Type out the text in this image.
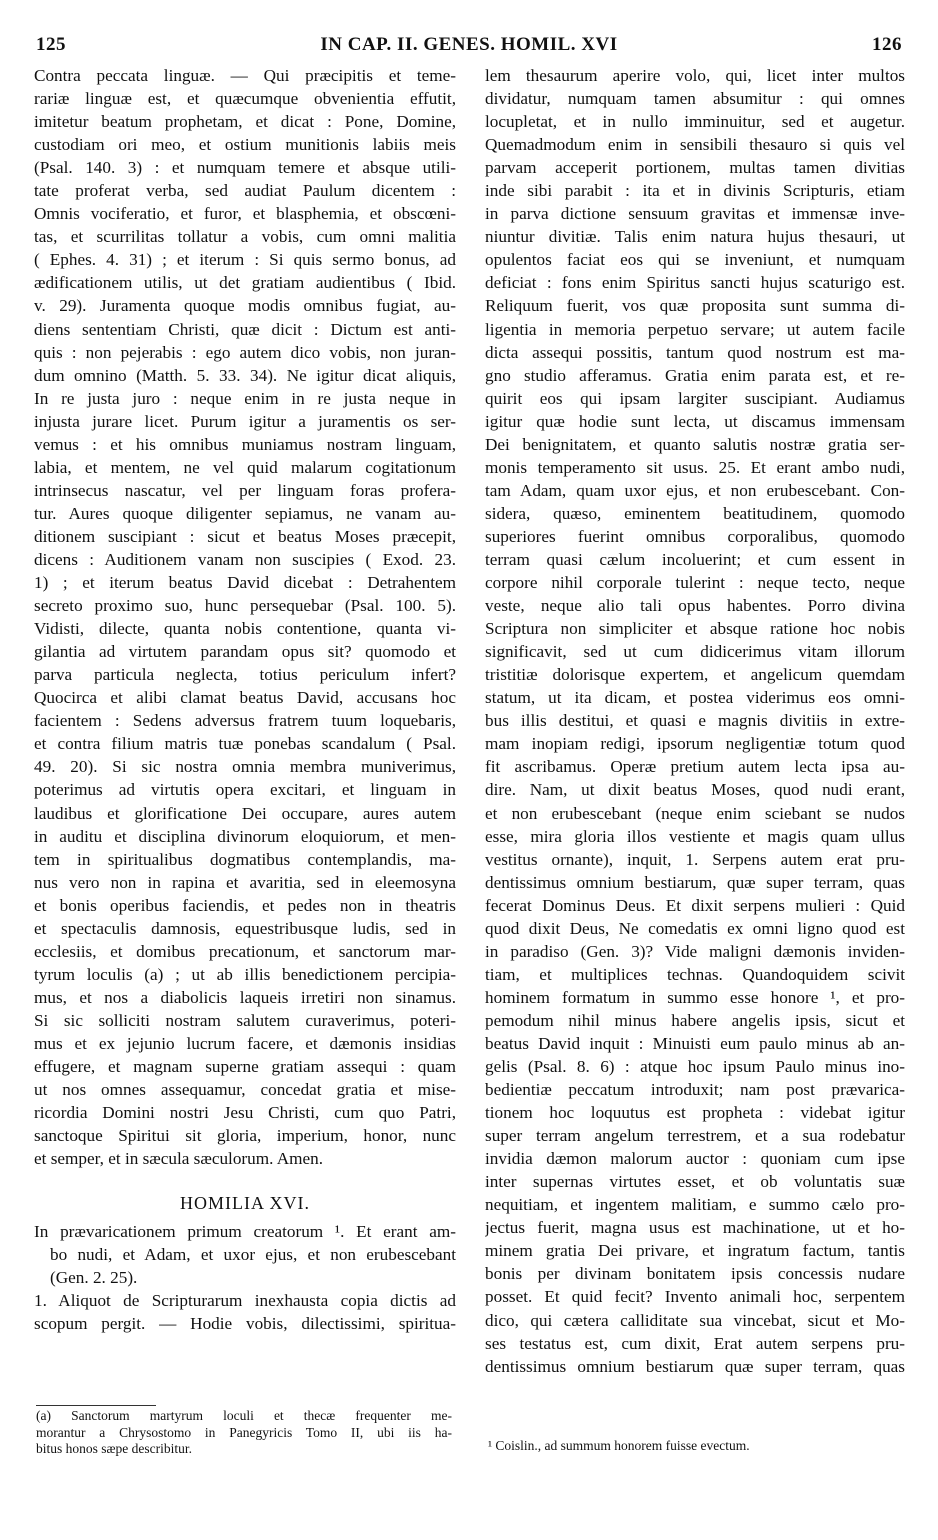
125	IN CAP. II. GENES. HOMIL. XVI	126
Contra peccata linguæ. — Qui præcipitis et teme-
rariæ linguæ est, et quæcumque obvenientia effutit,
imitetur beatum prophetam, et dicat : Pone, Domine,
custodiam ori meo, et ostium munitionis labiis meis
(Psal. 140. 3) : et numquam temere et absque utili-
tate proferat verba, sed audiat Paulum dicentem :
Omnis vociferatio, et furor, et blasphemia, et obscœni-
tas, et scurrilitas tollatur a vobis, cum omni malitia
( Ephes. 4. 31) ; et iterum : Si quis sermo bonus, ad
ædificationem utilis, ut det gratiam audientibus ( Ibid.
v. 29). Juramenta quoque modis omnibus fugiat, au-
diens sententiam Christi, quæ dicit : Dictum est anti-
quis : non pejerabis : ego autem dico vobis, non juran-
dum omnino (Matth. 5. 33. 34). Ne igitur dicat aliquis,
In re justa juro : neque enim in re justa neque in
injusta jurare licet. Purum igitur a juramentis os ser-
vemus : et his omnibus muniamus nostram linguam,
labia, et mentem, ne vel quid malarum cogitationum
intrinsecus nascatur, vel per linguam foras profera-
tur. Aures quoque diligenter sepiamus, ne vanam au-
ditionem suscipiant : sicut et beatus Moses præcepit,
dicens : Auditionem vanam non suscipies ( Exod. 23.
1) ; et iterum beatus David dicebat : Detrahentem
secreto proximo suo, hunc persequebar (Psal. 100. 5).
Vidisti, dilecte, quanta nobis contentione, quanta vi-
gilantia ad virtutem parandam opus sit? quomodo et
parva particula neglecta, totius periculum infert?
Quocirca et alibi clamat beatus David, accusans hoc
facientem : Sedens adversus fratrem tuum loquebaris,
et contra filium matris tuæ ponebas scandalum ( Psal.
49. 20). Si sic nostra omnia membra muniverimus,
poterimus ad virtutis opera excitari, et linguam in
laudibus et glorificatione Dei occupare, aures autem
in auditu et disciplina divinorum eloquiorum, et men-
tem in spiritualibus dogmatibus contemplandis, ma-
nus vero non in rapina et avaritia, sed in eleemosyna
et bonis operibus faciendis, et pedes non in theatris
et spectaculis damnosis, equestribusque ludis, sed in
ecclesiis, et domibus precationum, et sanctorum mar-
tyrum loculis (a) ; ut ab illis benedictionem percipia-
mus, et nos a diabolicis laqueis irretiri non sinamus.
Si sic solliciti nostram salutem curaverimus, poteri-
mus et ex jejunio lucrum facere, et dæmonis insidias
effugere, et magnam superne gratiam assequi : quam
ut nos omnes assequamur, concedat gratia et mise-
ricordia Domini nostri Jesu Christi, cum quo Patri,
sanctoque Spiritui sit gloria, imperium, honor, nunc
et semper, et in sæcula sæculorum. Amen.
HOMILIA XVI.
In prævaricationem primum creatorum ¹. Et erant am-
bo nudi, et Adam, et uxor ejus, et non erubescebant
(Gen. 2. 25).
1. Aliquot de Scripturarum inexhausta copia dictis ad
scopum pergit. — Hodie vobis, dilectissimi, spiritua-
lem thesaurum aperire volo, qui, licet inter multos
dividatur, numquam tamen absumitur : qui omnes
locupletat, et in nullo imminuitur, sed et augetur.
Quemadmodum enim in sensibili thesauro si quis vel
parvam acceperit portionem, multas tamen divitias
inde sibi parabit : ita et in divinis Scripturis, etiam
in parva dictione sensuum gravitas et immensæ inve-
niuntur divitiæ. Talis enim natura hujus thesauri, ut
opulentos faciat eos qui se inveniunt, et numquam
deficiat : fons enim Spiritus sancti hujus scaturigo est.
Reliquum fuerit, vos quæ proposita sunt summa di-
ligentia in memoria perpetuo servare; ut autem facile
dicta assequi possitis, tantum quod nostrum est ma-
gno studio afferamus. Gratia enim parata est, et re-
quirit eos qui ipsam largiter suscipiant. Audiamus
igitur quæ hodie sunt lecta, ut discamus immensam
Dei benignitatem, et quanto salutis nostræ gratia ser-
monis temperamento sit usus. 25. Et erant ambo nudi,
tam Adam, quam uxor ejus, et non erubescebant. Con-
sidera, quæso, eminentem beatitudinem, quomodo
superiores fuerint omnibus corporalibus, quomodo
terram quasi cælum incoluerint; et cum essent in
corpore nihil corporale tulerint : neque tecto, neque
veste, neque alio tali opus habentes. Porro divina
Scriptura non simpliciter et absque ratione hoc nobis
significavit, sed ut cum didicerimus vitam illorum
tristitiæ dolorisque expertem, et angelicum quemdam
statum, ut ita dicam, et postea viderimus eos omni-
bus illis destitui, et quasi e magnis divitiis in extre-
mam inopiam redigi, ipsorum negligentiæ totum quod
fit ascribamus. Operæ pretium autem lecta ipsa au-
dire. Nam, ut dixit beatus Moses, quod nudi erant,
et non erubescebant (neque enim sciebant se nudos
esse, mira gloria illos vestiente et magis quam ullus
vestitus ornante), inquit, 1. Serpens autem erat pru-
dentissimus omnium bestiarum, quæ super terram, quas
fecerat Dominus Deus. Et dixit serpens mulieri : Quid
quod dixit Deus, Ne comedatis ex omni ligno quod est
in paradiso (Gen. 3)? Vide maligni dæmonis inviden-
tiam, et multiplices technas. Quandoquidem scivit
hominem formatum in summo esse honore ¹, et pro-
pemodum nihil minus habere angelis ipsis, sicut et
beatus David inquit : Minuisti eum paulo minus ab an-
gelis (Psal. 8. 6) : atque hoc ipsum Paulo minus ino-
bedientiæ peccatum introduxit; nam post prævarica-
tionem hoc loquutus est propheta : videbat igitur
super terram angelum terrestrem, et a sua rodebatur
invidia dæmon malorum auctor : quoniam cum ipse
inter supernas virtutes esset, et ob voluntatis suæ
nequitiam, et ingentem malitiam, e summo cælo pro-
jectus fuerit, magna usus est machinatione, ut et ho-
minem gratia Dei privare, et ingratum factum, tantis
bonis per divinam bonitatem ipsis concessis nudare
posset. Et quid fecit? Invento animali hoc, serpentem
dico, qui cætera calliditate sua vincebat, sicut et Mo-
ses testatus est, cum dixit, Erat autem serpens pru-
dentissimus omnium bestiarum quæ super terram, quas
(a) Sanctorum martyrum loculi et thecæ frequenter me-
morantur a Chrysostomo in Panegyricis Tomo II, ubi iis ha-
bitus honos sæpe describitur.	¹ Coislin., ad summum honorem fuisse evectum.
